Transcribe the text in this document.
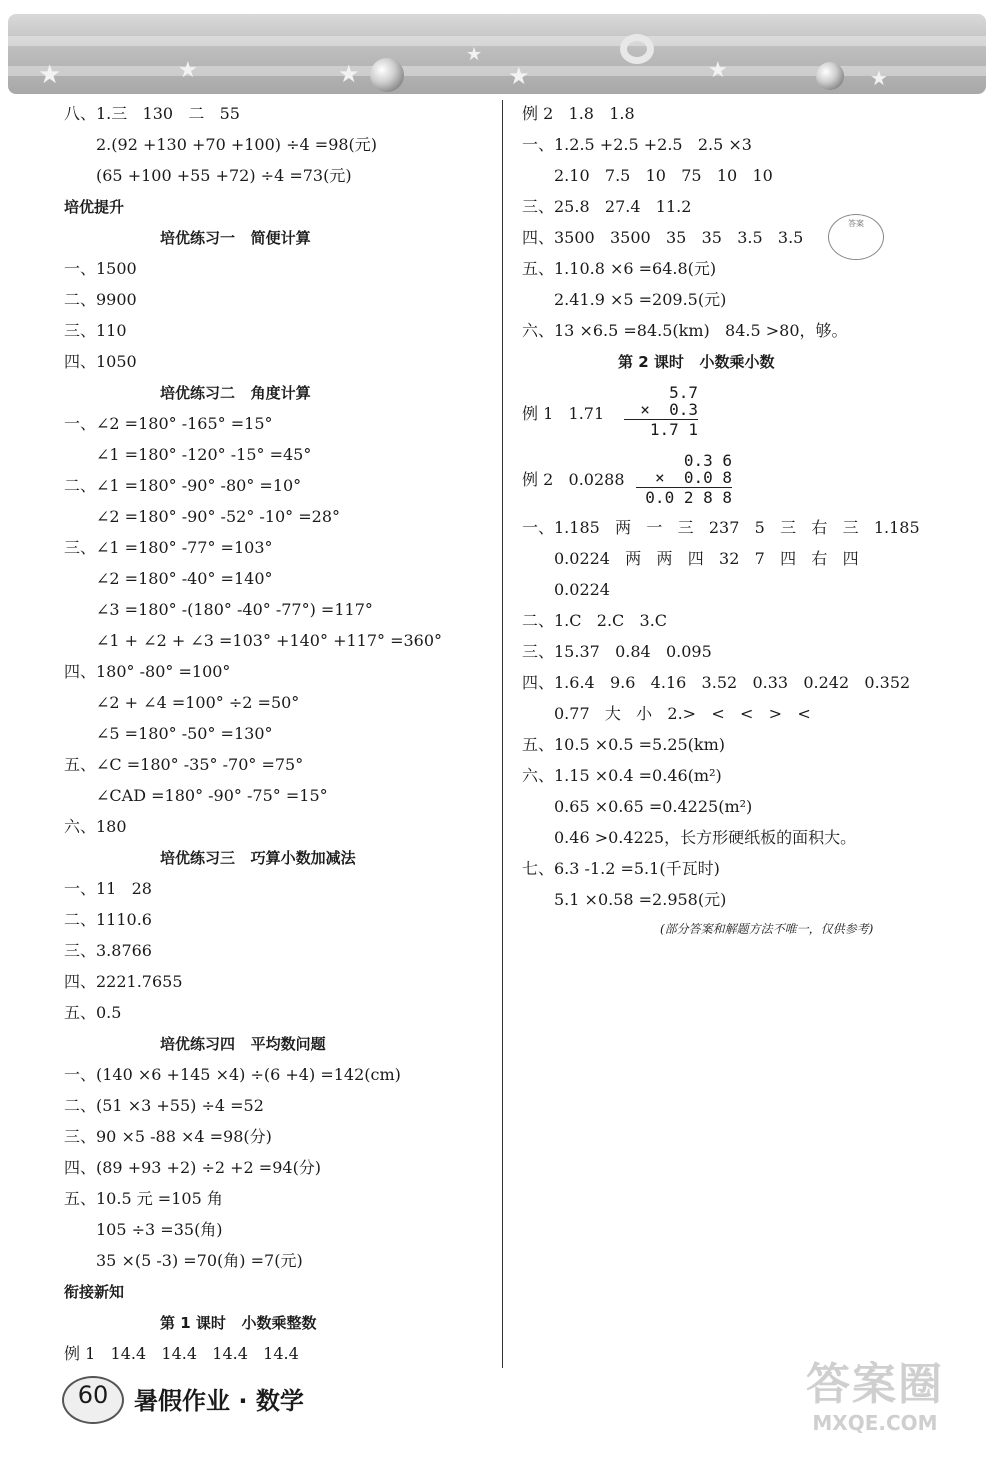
★	★	★
★
★	★	★
八、1.三   130   二   55
2.(92 +130 +70 +100) ÷4 =98(元)
(65 +100 +55 +72) ÷4 =73(元)
培优提升
培优练习一   简便计算
一、1500
二、9900
三、110
四、1050
培优练习二   角度计算
一、∠2 =180° -165° =15°
∠1 =180° -120° -15° =45°
二、∠1 =180° -90° -80° =10°
∠2 =180° -90° -52° -10° =28°
三、∠1 =180° -77° =103°
∠2 =180° -40° =140°
∠3 =180° -(180° -40° -77°) =117°
∠1 + ∠2 + ∠3 =103° +140° +117° =360°
四、180° -80° =100°
∠2 + ∠4 =100° ÷2 =50°
∠5 =180° -50° =130°
五、∠C =180° -35° -70° =75°
∠CAD =180° -90° -75° =15°
六、180
培优练习三   巧算小数加减法
一、11   28
二、1110.6
三、3.8766
四、2221.7655
五、0.5
培优练习四   平均数问题
一、(140 ×6 +145 ×4) ÷(6 +4) =142(cm)
二、(51 ×3 +55) ÷4 =52
三、90 ×5 -88 ×4 =98(分)
四、(89 +93 +2) ÷2 +2 =94(分)
五、10.5 元 =105 角
105 ÷3 =35(角)
35 ×(5 -3) =70(角) =7(元)
衔接新知
第 1 课时   小数乘整数
例 1   14.4   14.4   14.4   14.4
例 2   1.8   1.8
一、1.2.5 +2.5 +2.5   2.5 ×3
2.10   7.5   10   75   10   10
三、25.8   27.4   11.2
四、3500   3500   35   35   3.5   3.5
五、1.10.8 ×6 =64.8(元)
2.41.9 ×5 =209.5(元)
六、13 ×6.5 =84.5(km)   84.5 >80，够。
第 2 课时   小数乘小数
一、1.185   两   一   三   237   5   三   右   三   1.185
0.0224   两   两   四   32   7   四   右   四
0.0224
二、1.C   2.C   3.C
三、15.37   0.84   0.095
四、1.6.4   9.6   4.16   3.52   0.33   0.242   0.352
0.77   大   小   2.>   <   <   >   <
五、10.5 ×0.5 =5.25(km)
六、1.15 ×0.4 =0.46(m²)
0.65 ×0.65 =0.4225(m²)
0.46 >0.4225，长方形硬纸板的面积大。
七、6.3 -1.2 =5.1(千瓦时)
5.1 ×0.58 =2.958(元)
例 1   1.71
5.7
×  0.3
1.7 1
例 2   0.0288
0.3 6
×  0.0 8
0.0 2 8 8
答案
(部分答案和解题方法不唯一，仅供参考)
60	暑假作业 · 数学	答案圈
MXQE.COM
